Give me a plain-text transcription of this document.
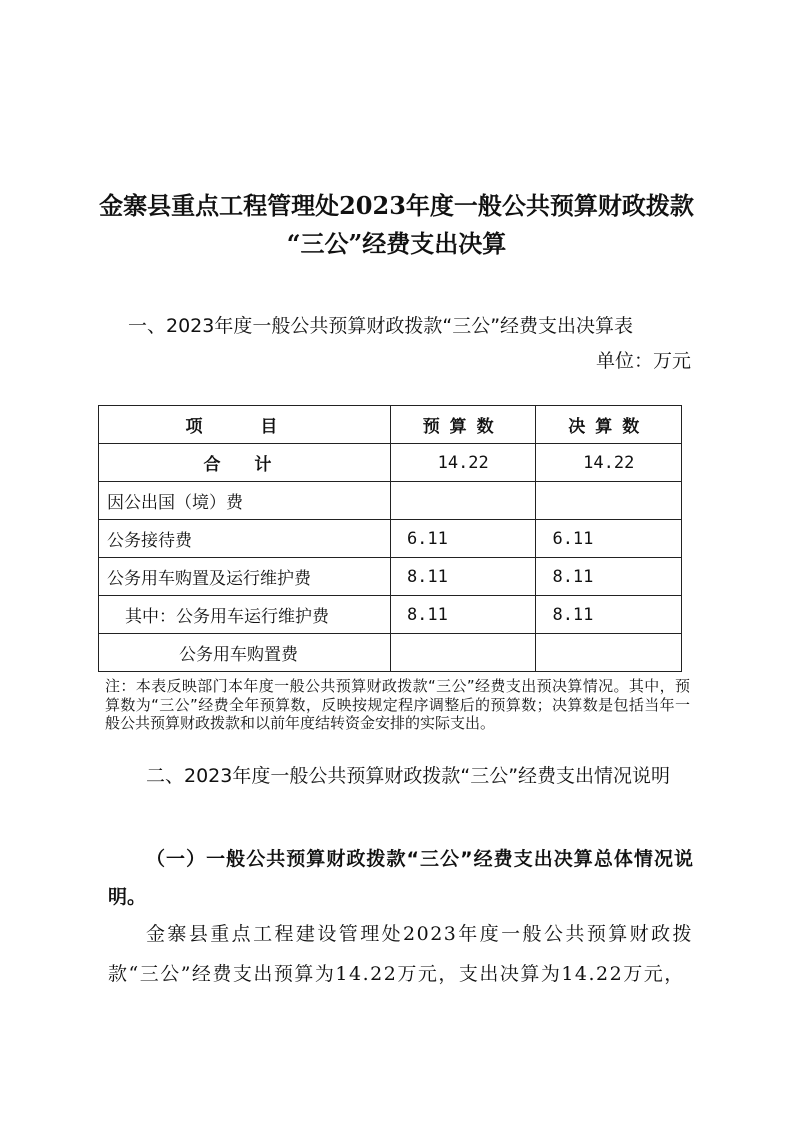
金寨县重点工程管理处2023年度一般公共预算财政拨款
“三公”经费支出决算
一、2023年度一般公共预算财政拨款“三公”经费支出决算表
单位：万元
项 目	预算数	决算数
合 计	14.22	14.22
因公出国（境）费		
公务接待费	6.11	6.11
公务用车购置及运行维护费	8.11	8.11
其中：公务用车运行维护费	8.11	8.11
公务用车购置费		
注：本表反映部门本年度一般公共预算财政拨款“三公”经费支出预决算情况。其中，预算数为“三公”经费全年预算数，反映按规定程序调整后的预算数；决算数是包括当年一般公共预算财政拨款和以前年度结转资金安排的实际支出。
二、2023年度一般公共预算财政拨款“三公”经费支出情况说明
（一）一般公共预算财政拨款“三公”经费支出决算总体情况说明。
金寨县重点工程建设管理处2023年度一般公共预算财政拨款“三公”经费支出预算为14.22万元，支出决算为14.22万元，
